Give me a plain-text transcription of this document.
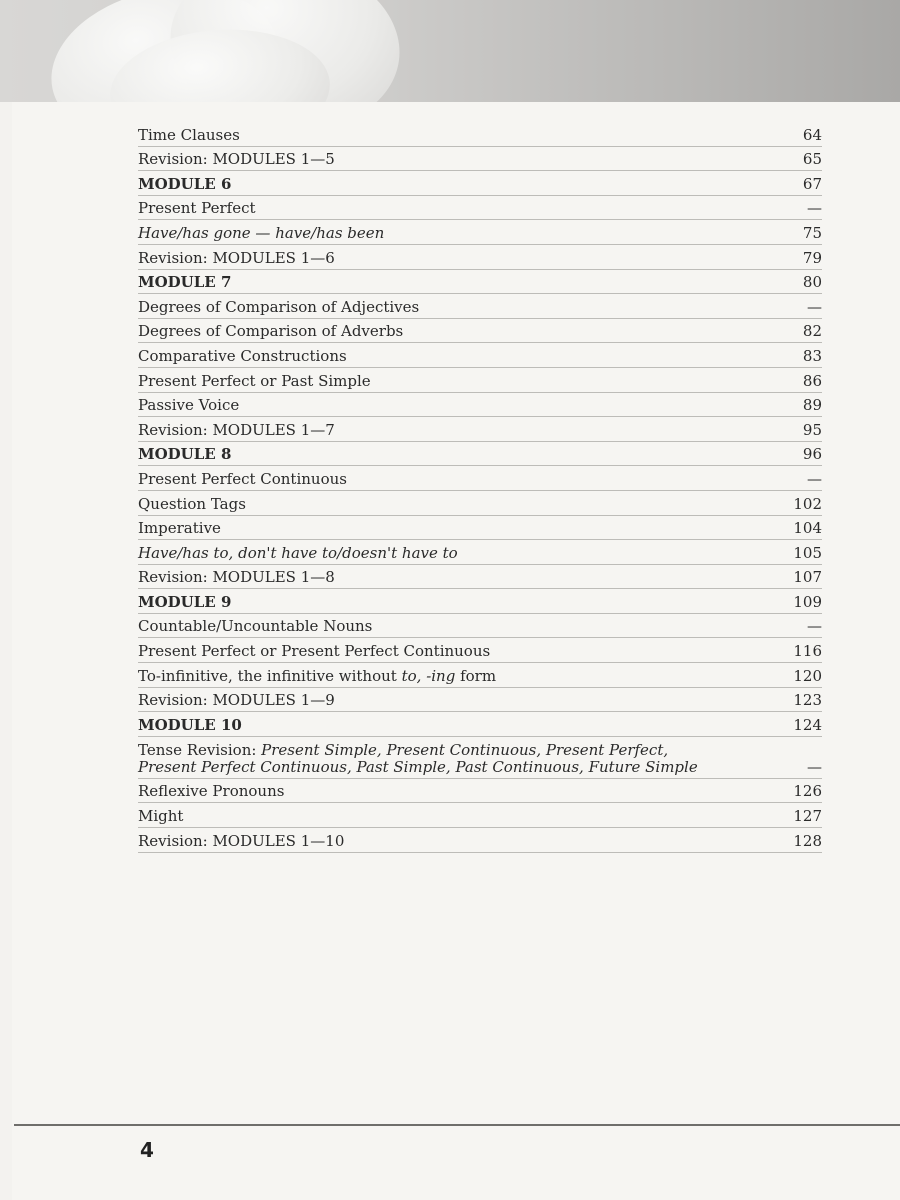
Time Clauses	64
Revision: MODULES 1—5	65
MODULE 6	67
Present Perfect	—
Have/has gone — have/has been	75
Revision: MODULES 1—6	79
MODULE 7	80
Degrees of Comparison of Adjectives	—
Degrees of Comparison of Adverbs	82
Comparative Constructions	83
Present Perfect or Past Simple	86
Passive Voice	89
Revision: MODULES 1—7	95
MODULE 8	96
Present Perfect Continuous	—
Question Tags	102
Imperative	104
Have/has to, don't have to/doesn't have to	105
Revision: MODULES 1—8	107
MODULE 9	109
Countable/Uncountable Nouns	—
Present Perfect or Present Perfect Continuous	116
To-infinitive, the infinitive without to, -ing form	120
Revision: MODULES 1—9	123
MODULE 10	124
Tense Revision: Present Simple, Present Continuous, Present Perfect,
Present Perfect Continuous, Past Simple, Past Continuous, Future Simple	—
Reflexive Pronouns	126
Might	127
Revision: MODULES 1—10	128
4
